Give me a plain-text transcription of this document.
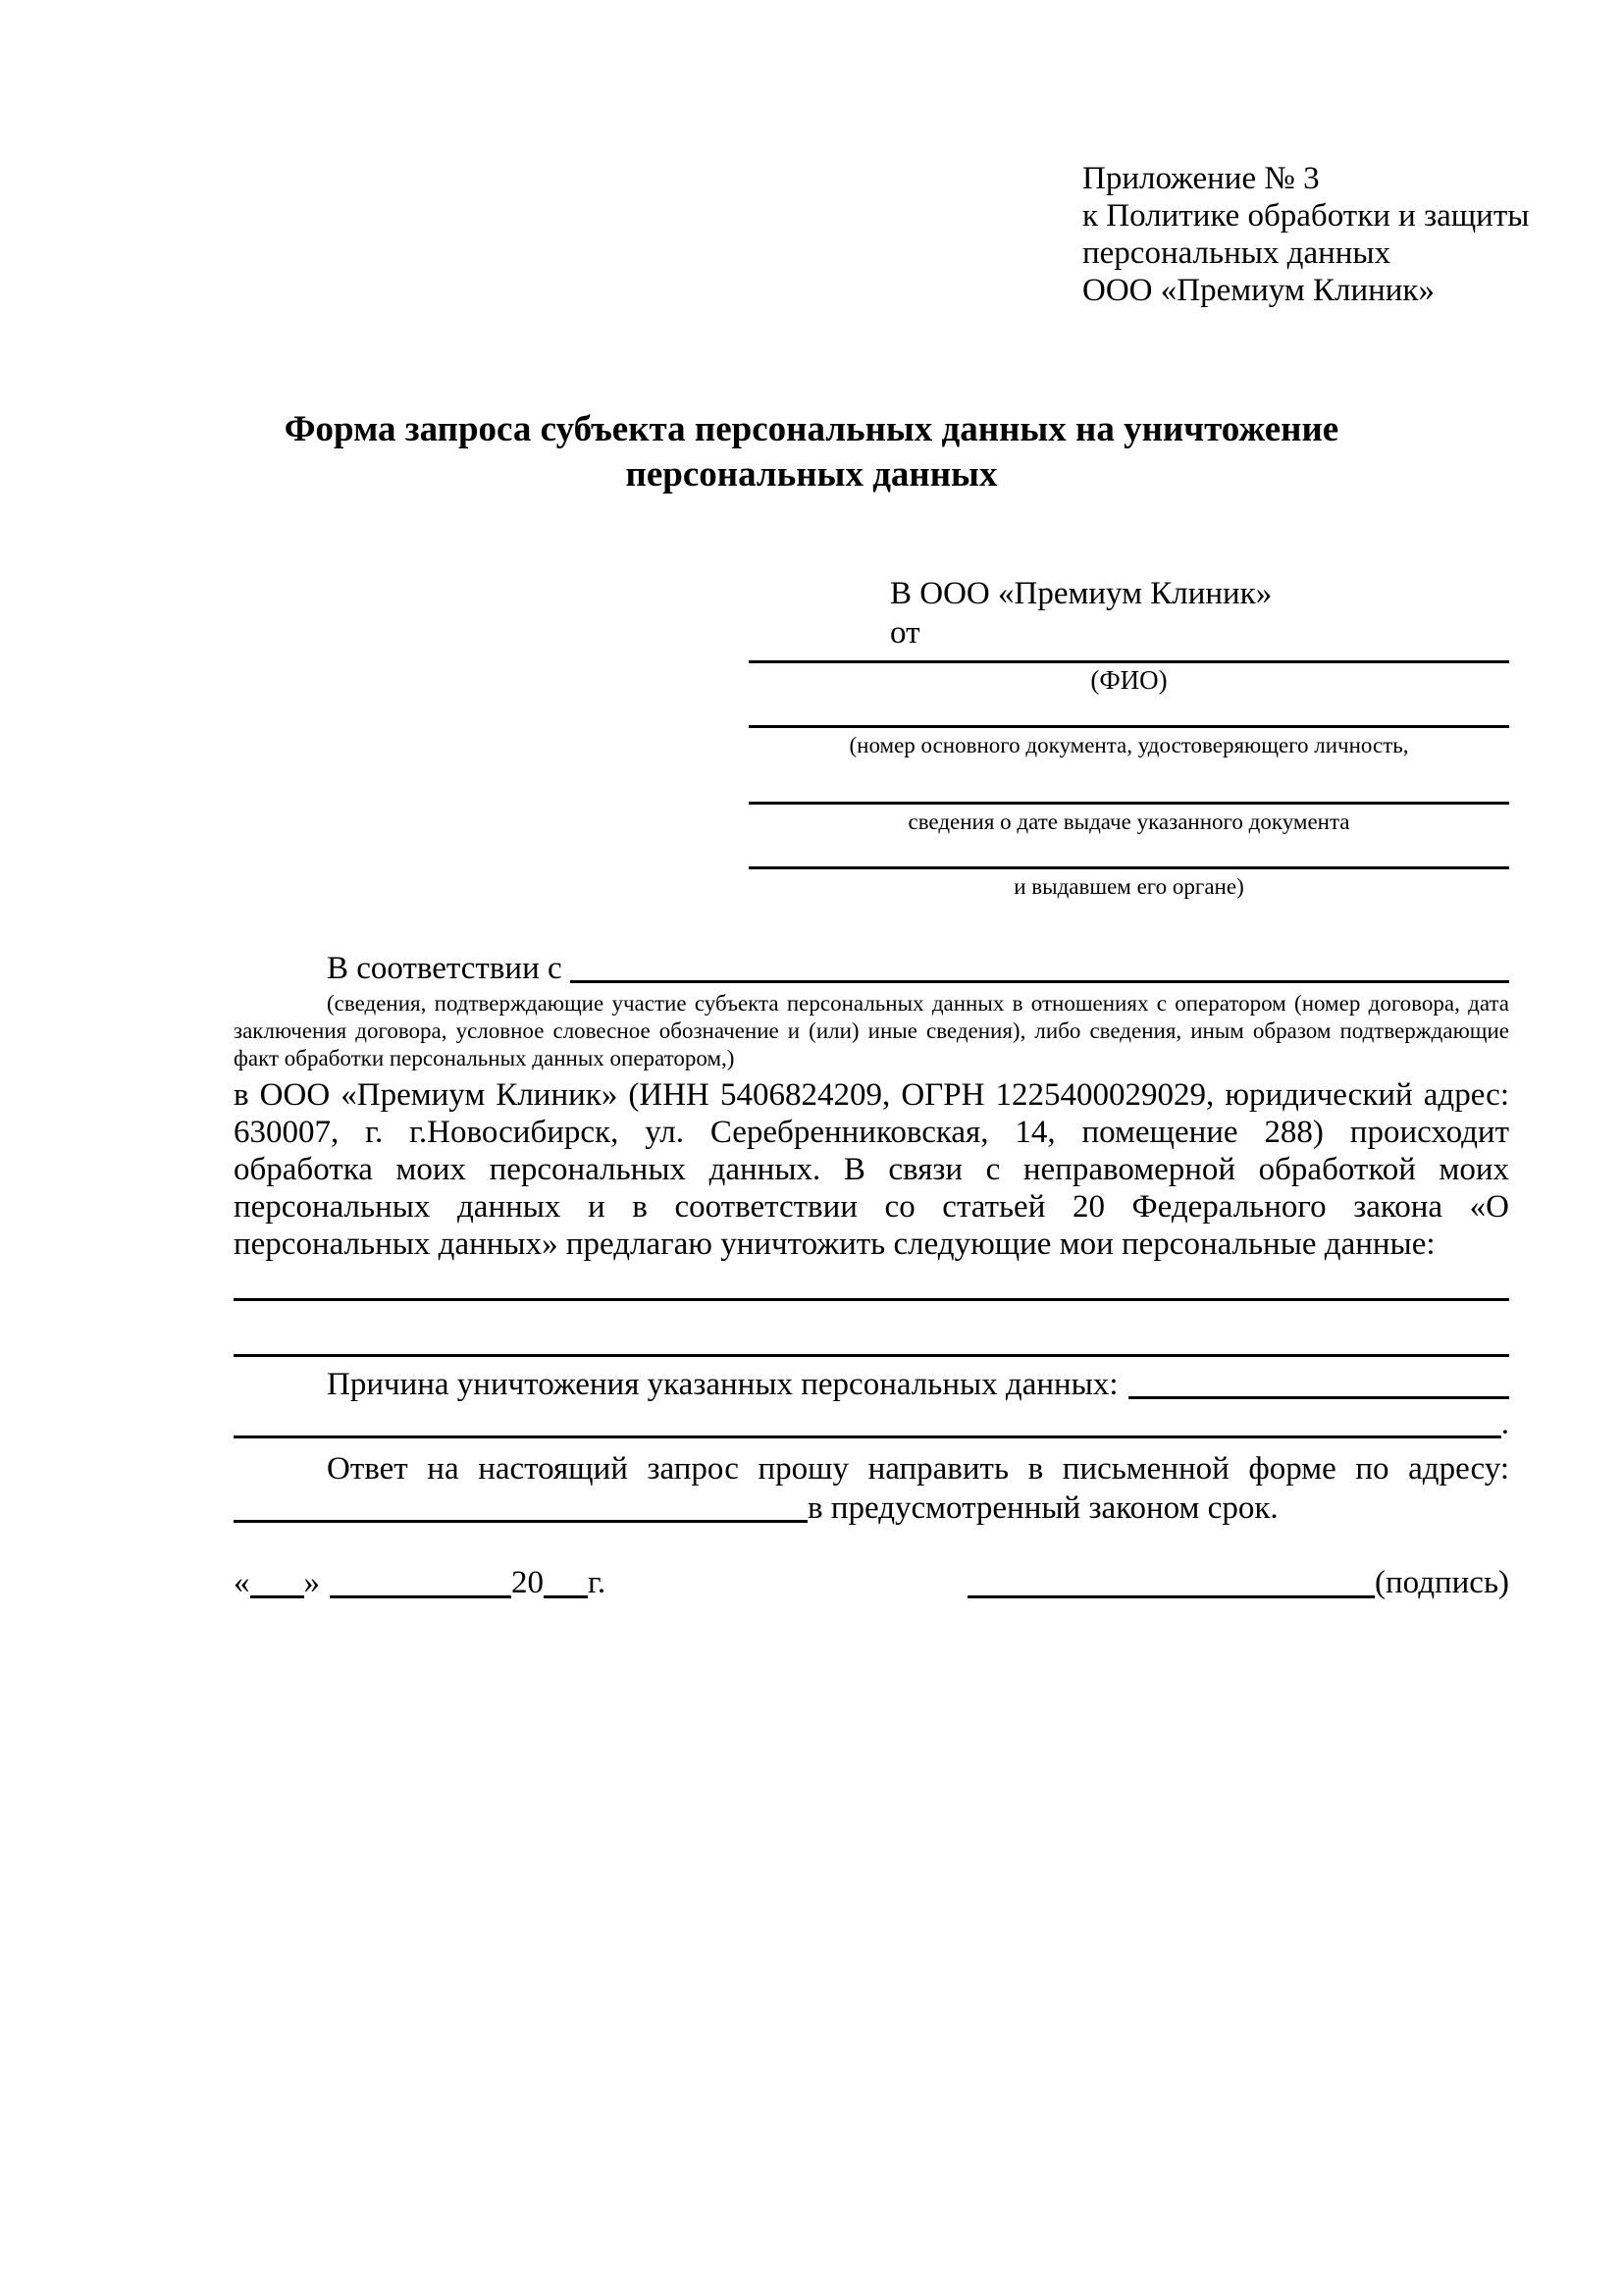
Приложение № 3
к Политике обработки и защиты
персональных данных
ООО «Премиум Клиник»
Форма запроса субъекта персональных данных на уничтожение
персональных данных
В ООО «Премиум Клиник»
от
(ФИО)
(номер основного документа, удостоверяющего личность,
сведения о дате выдаче указанного документа
и выдавшем его органе)
В соответствии с
(сведения, подтверждающие участие субъекта персональных данных в отношениях с оператором (номер договора, дата заключения договора, условное словесное обозначение и (или) иные сведения), либо сведения, иным образом подтверждающие факт обработки персональных данных оператором,)
в ООО «Премиум Клиник» (ИНН 5406824209, ОГРН 1225400029029, юридический адрес: 630007, г. г.Новосибирск, ул. Серебренниковская, 14, помещение 288) происходит обработка моих персональных данных. В связи с неправомерной обработкой моих персональных данных и в соответствии со статьей 20 Федерального закона «О персональных данных» предлагаю уничтожить следующие мои персональные данные:
Причина уничтожения указанных персональных данных:
.
Ответ на настоящий запрос прошу направить в письменной форме по адресу:
в предусмотренный законом срок.
« »	20 г.	(подпись)
